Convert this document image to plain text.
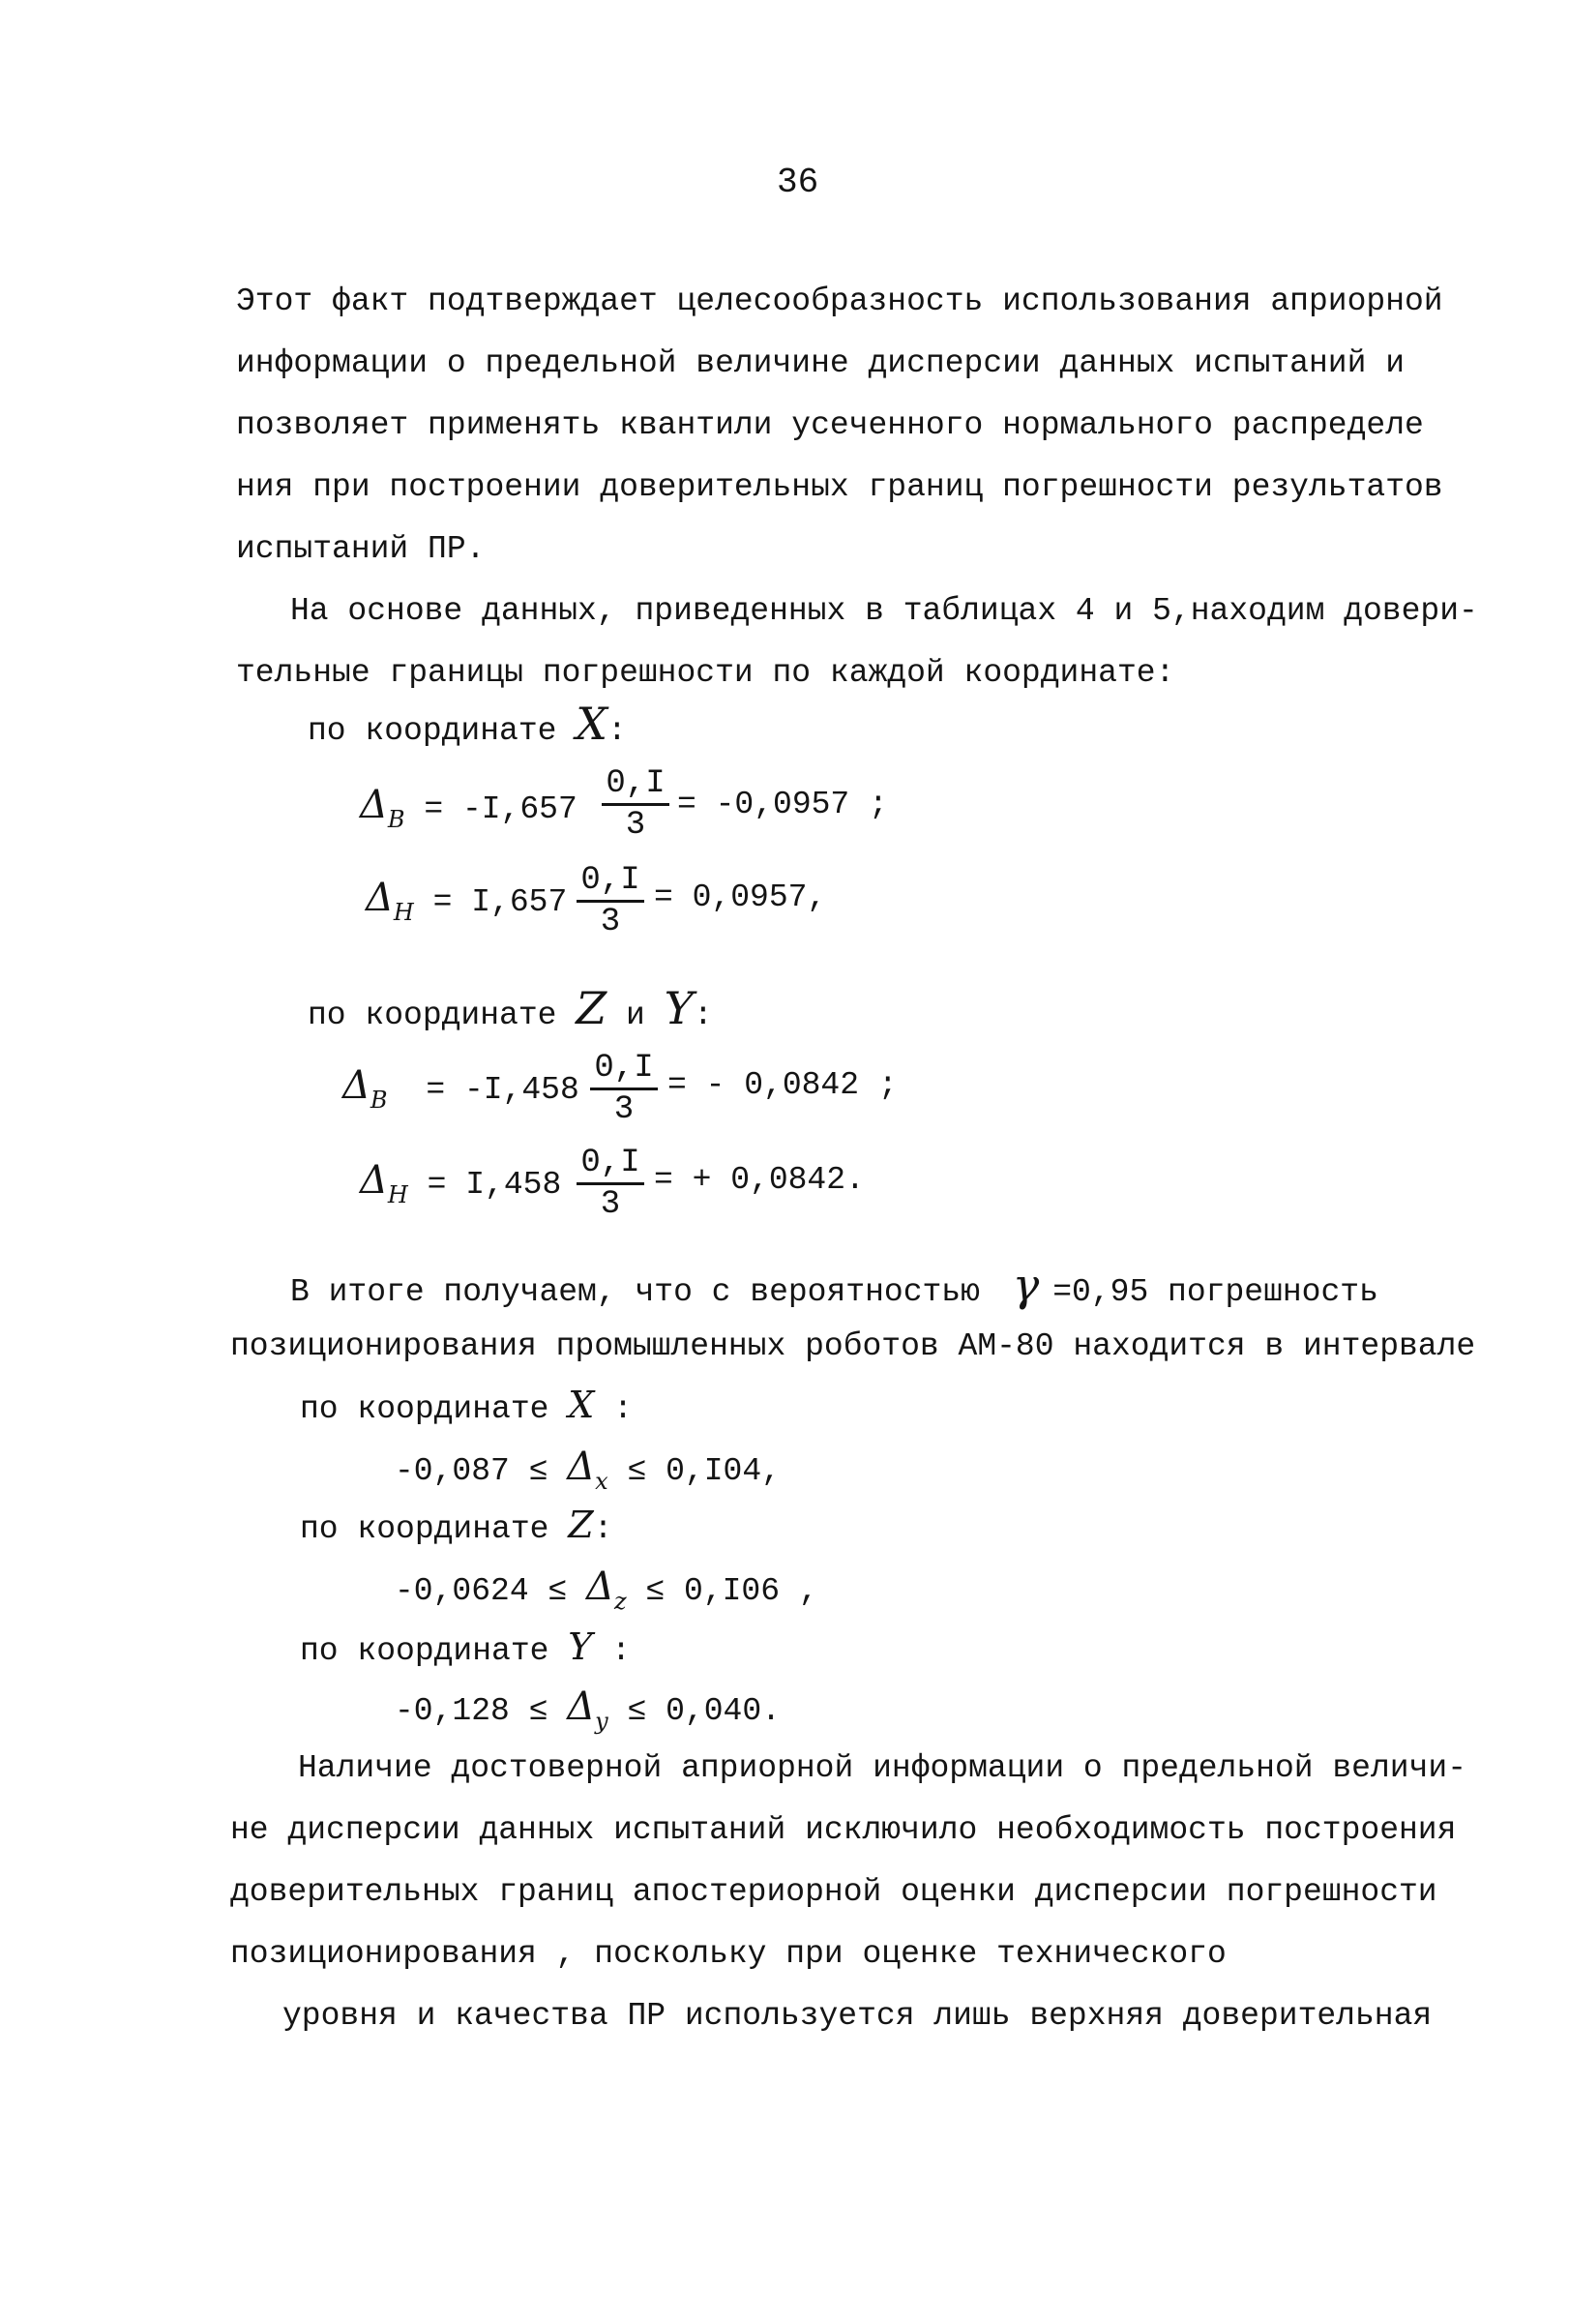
36
Этот факт подтверждает целесообразность использования априорной
информации о предельной величине дисперсии данных испытаний и
позволяет применять квантили усеченного нормального распределе
ния при построении доверительных границ погрешности результатов
испытаний ПР.
На основе данных, приведенных в таблицах 4 и 5,находим довери-
тельные границы погрешности по каждой координате:
по координате X:
$\Delta_B = -I,657 \frac{0,I}{3} = -0,0957$ ;
$\Delta_H = I,657 \frac{0,I}{3} = 0,0957$,
по координате Z и Y:
$\Delta_B = -I,458 \frac{0,I}{3}$ = - 0,0842 ;
$\Delta_H = I,458 \frac{0,I}{3}$ = + 0,0842.
В итоге получаем, что с вероятностью γ =0,95 погрешность
позиционирования промышленных роботов АМ-80 находится в интервале
по координате X :
$-0,087 \le \Delta_x \le 0,I04$,
по координате Z:
$-0,0624 \le \Delta_z \le 0,I06$ ,
по координате Y :
$-0,128 \le \Delta_y \le 0,040$.
Наличие достоверной априорной информации о предельной величи-
не дисперсии данных испытаний исключило необходимость построения
доверительных границ апостериорной оценки дисперсии погрешности
позиционирования , поскольку при оценке технического
уровня и качества ПР используется лишь верхняя доверительная
